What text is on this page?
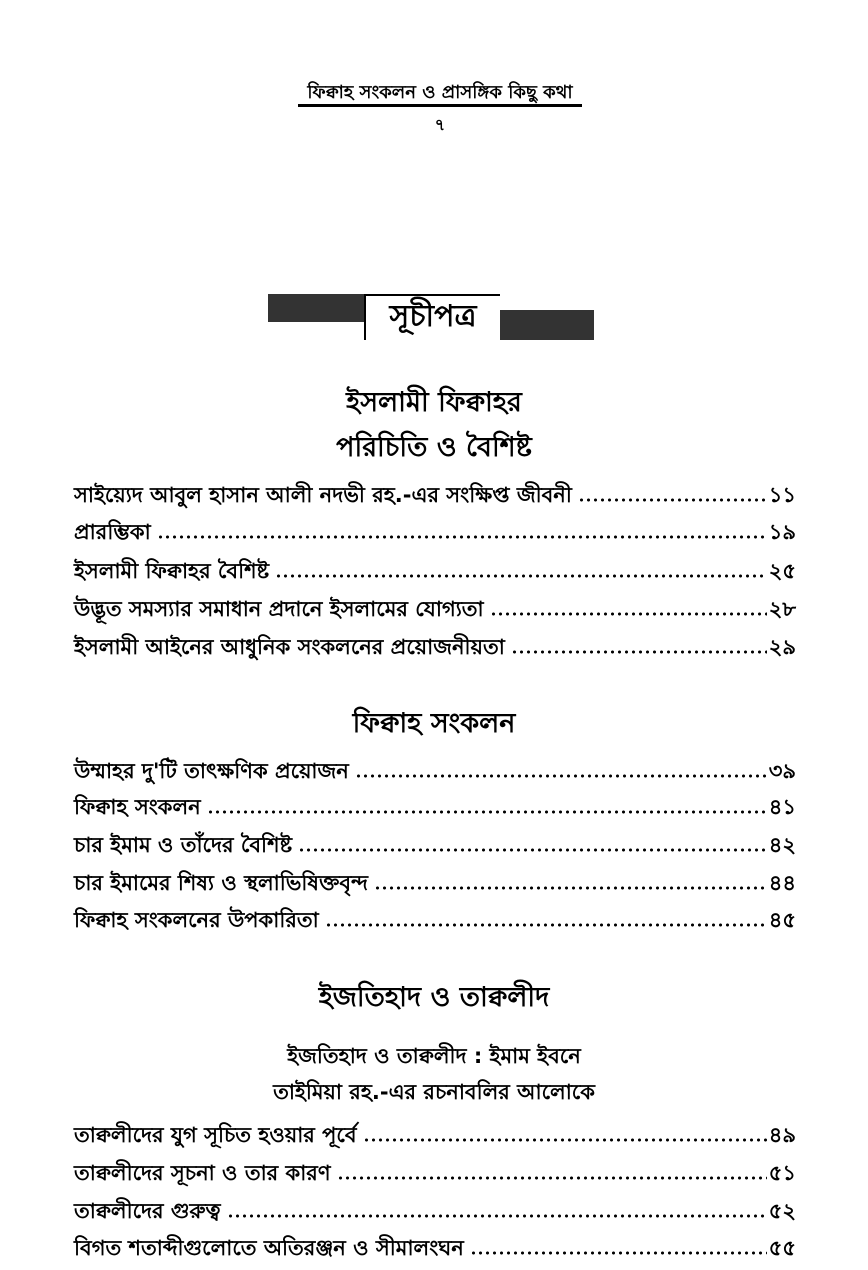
ফিক্বাহ সংকলন ও প্রাসঙ্গিক কিছু কথা
৭
সূচীপত্র
ইসলামী ফিক্বাহর
পরিচিতি ও বৈশিষ্ট
সাইয়্যেদ আবুল হাসান আলী নদভী রহ.-এর সংক্ষিপ্ত জীবনী	১১
প্রারম্ভিকা	১৯
ইসলামী ফিক্বাহর বৈশিষ্ট	২৫
উদ্ভূত সমস্যার সমাধান প্রদানে ইসলামের যোগ্যতা	২৮
ইসলামী আইনের আধুনিক সংকলনের প্রয়োজনীয়তা	২৯
ফিক্বাহ সংকলন
উম্মাহর দু'টি তাৎক্ষণিক প্রয়োজন	৩৯
ফিক্বাহ সংকলন	৪১
চার ইমাম ও তাঁদের বৈশিষ্ট	৪২
চার ইমামের শিষ্য ও স্থলাভিষিক্তবৃন্দ	৪৪
ফিক্বাহ সংকলনের উপকারিতা	৪৫
ইজতিহাদ ও তাক্বলীদ
ইজতিহাদ ও তাক্বলীদ : ইমাম ইবনে
তাইমিয়া রহ.-এর রচনাবলির আলোকে
তাক্বলীদের যুগ সূচিত হওয়ার পূর্বে	৪৯
তাক্বলীদের সূচনা ও তার কারণ	৫১
তাক্বলীদের গুরুত্ব	৫২
বিগত শতাব্দীগুলোতে অতিরঞ্জন ও সীমালংঘন	৫৫
